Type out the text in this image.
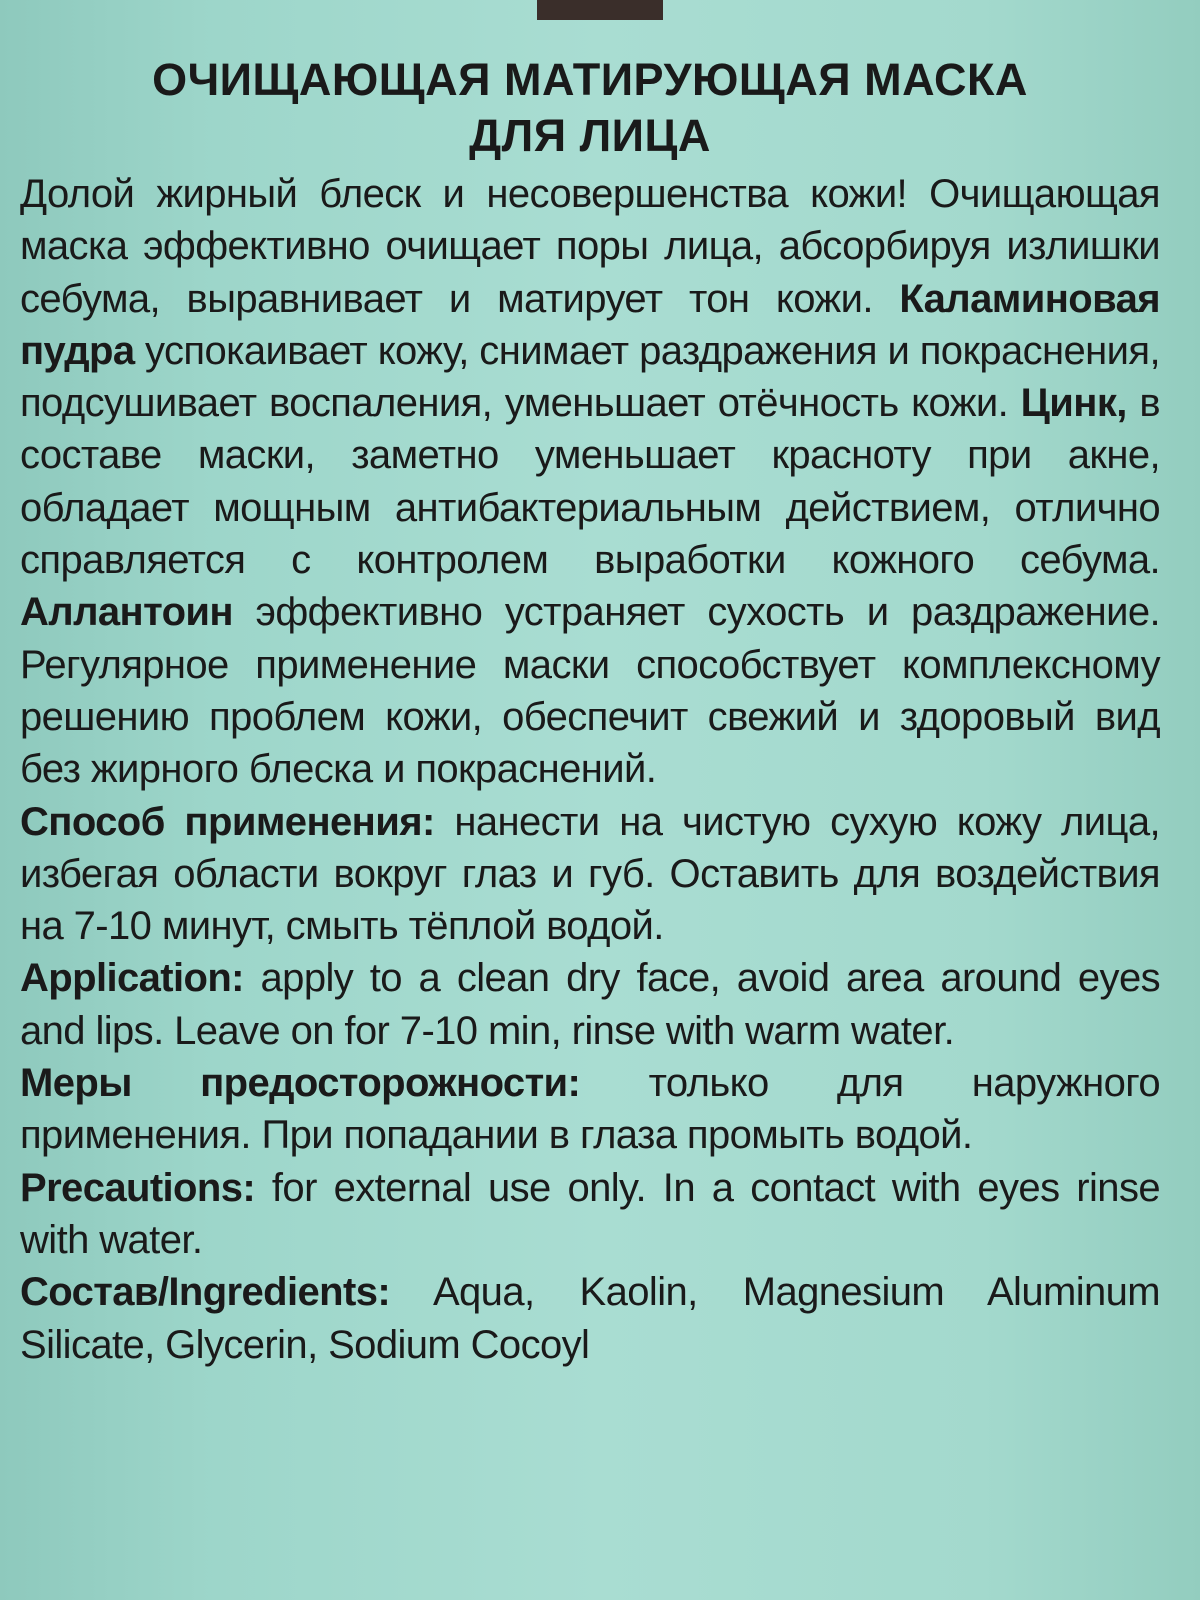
ОЧИЩАЮЩАЯ МАТИРУЮЩАЯ МАСКА
ДЛЯ ЛИЦА

Долой жирный блеск и несовершенства кожи! Очищающая маска эффективно очищает поры лица, абсорбируя излишки себума, выравнивает и матирует тон кожи. Каламиновая пудра успокаивает кожу, снимает раздражения и покраснения, подсушивает воспаления, уменьшает отёчность кожи. Цинк, в составе маски, заметно уменьшает красноту при акне, обладает мощным антибактериальным действием, отлично справляется с контролем выработки кожного себума. Аллантоин эффективно устраняет сухость и раздражение. Регулярное применение маски способствует комплексному решению проблем кожи, обеспечит свежий и здоровый вид без жирного блеска и покраснений.

Способ применения: нанести на чистую сухую кожу лица, избегая области вокруг глаз и губ. Оставить для воздействия на 7-10 минут, смыть тёплой водой.

Application: apply to a clean dry face, avoid area around eyes and lips. Leave on for 7-10 min, rinse with warm water.

Меры предосторожности: только для наружного применения. При попадании в глаза промыть водой.

Precautions: for external use only. In a contact with eyes rinse with water.

Состав/Ingredients: Aqua, Kaolin, Magnesium Aluminum Silicate, Glycerin, Sodium Cocoyl
